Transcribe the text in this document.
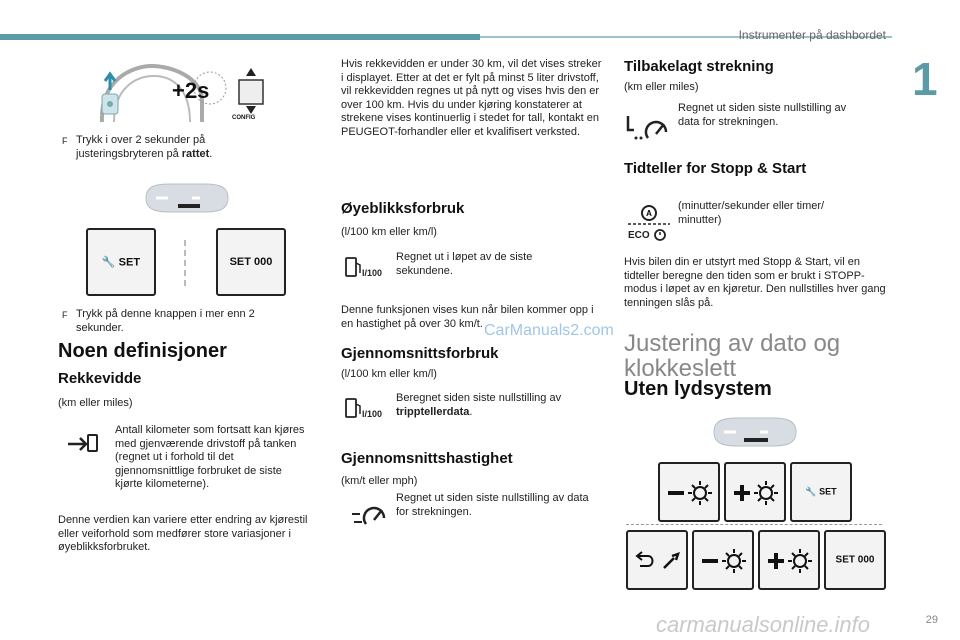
Instrumenter på dashbordet
1
+2s
CONFIG
F Trykk i over 2 sekunder på justeringsbryteren på rattet.
🔧 SET	SET 000
F Trykk på denne knappen i mer enn 2 sekunder.
Noen definisjoner
Rekkevidde
(km eller miles)
Antall kilometer som fortsatt kan kjøres med gjenværende drivstoff på tanken (regnet ut i forhold til det gjennomsnittlige forbruket de siste kjørte kilometerne).
Denne verdien kan variere etter endring av kjørestil eller veiforhold som medfører store variasjoner i øyeblikksforbruket.
Hvis rekkevidden er under 30 km, vil det vises streker i displayet. Etter at det er fylt på minst 5 liter drivstoff, vil rekkevidden regnes ut på nytt og vises hvis den er over 100 km. Hvis du under kjøring konstaterer at strekene vises kontinuerlig i stedet for tall, kontakt en PEUGEOT-forhandler eller et kvalifisert verksted.
Øyeblikksforbruk
(l/100 km eller km/l)
l/100
Regnet ut i løpet av de siste sekundene.
Denne funksjonen vises kun når bilen kommer opp i en hastighet på over 30 km/t.
Gjennomsnittsforbruk
(l/100 km eller km/l)
l/100
Beregnet siden siste nullstilling av tripptellerdata.
Gjennomsnittshastighet
(km/t eller mph)
Regnet ut siden siste nullstilling av data for strekningen.
Tilbakelagt strekning
(km eller miles)
Regnet ut siden siste nullstilling av data for strekningen.
Tidteller for Stopp & Start
A
ECO
(minutter/sekunder eller timer/ minutter)
Hvis bilen din er utstyrt med Stopp & Start, vil en tidteller beregne den tiden som er brukt i STOPP-modus i løpet av en kjøretur. Den nullstilles hver gang tenningen slås på.
Justering av dato og klokkeslett
Uten lydsystem
🔧 SET
SET 000
CarManuals2.com
29
carmanualsonline.info
